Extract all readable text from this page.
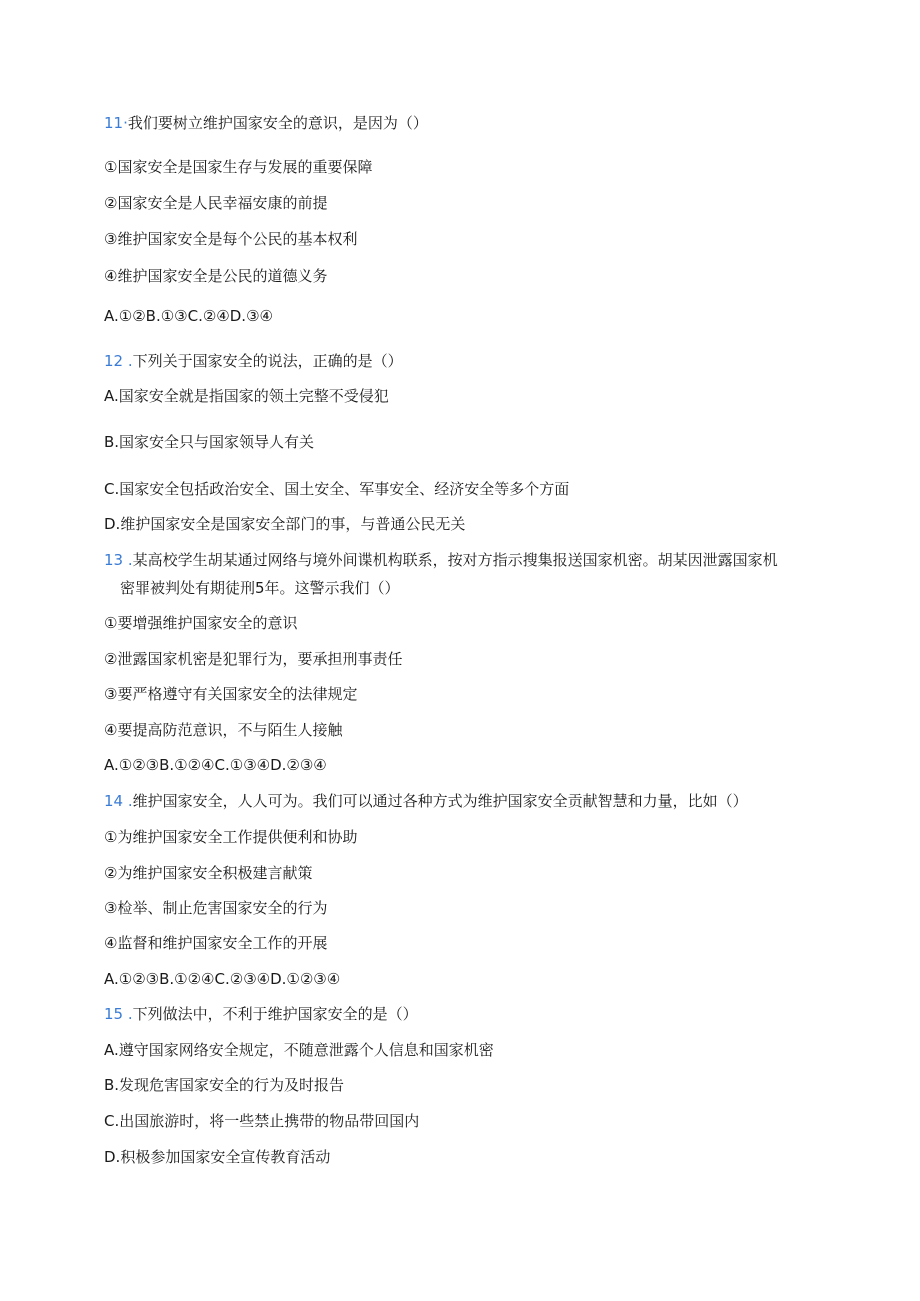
11·我们要树立维护国家安全的意识，是因为（）
①国家安全是国家生存与发展的重要保障
②国家安全是人民幸福安康的前提
③维护国家安全是每个公民的基本权利
④维护国家安全是公民的道德义务
A.①②B.①③C.②④D.③④
12 .下列关于国家安全的说法，正确的是（）
A.国家安全就是指国家的领土完整不受侵犯
B.国家安全只与国家领导人有关
C.国家安全包括政治安全、国土安全、军事安全、经济安全等多个方面
D.维护国家安全是国家安全部门的事，与普通公民无关
13 .某高校学生胡某通过网络与境外间谍机构联系，按对方指示搜集报送国家机密。胡某因泄露国家机
密罪被判处有期徒刑5年。这警示我们（）
①要增强维护国家安全的意识
②泄露国家机密是犯罪行为，要承担刑事责任
③要严格遵守有关国家安全的法律规定
④要提高防范意识，不与陌生人接触
A.①②③B.①②④C.①③④D.②③④
14 .维护国家安全，人人可为。我们可以通过各种方式为维护国家安全贡献智慧和力量，比如（）
①为维护国家安全工作提供便利和协助
②为维护国家安全积极建言献策
③检举、制止危害国家安全的行为
④监督和维护国家安全工作的开展
A.①②③B.①②④C.②③④D.①②③④
15 .下列做法中，不利于维护国家安全的是（）
A.遵守国家网络安全规定，不随意泄露个人信息和国家机密
B.发现危害国家安全的行为及时报告
C.出国旅游时，将一些禁止携带的物品带回国内
D.积极参加国家安全宣传教育活动
